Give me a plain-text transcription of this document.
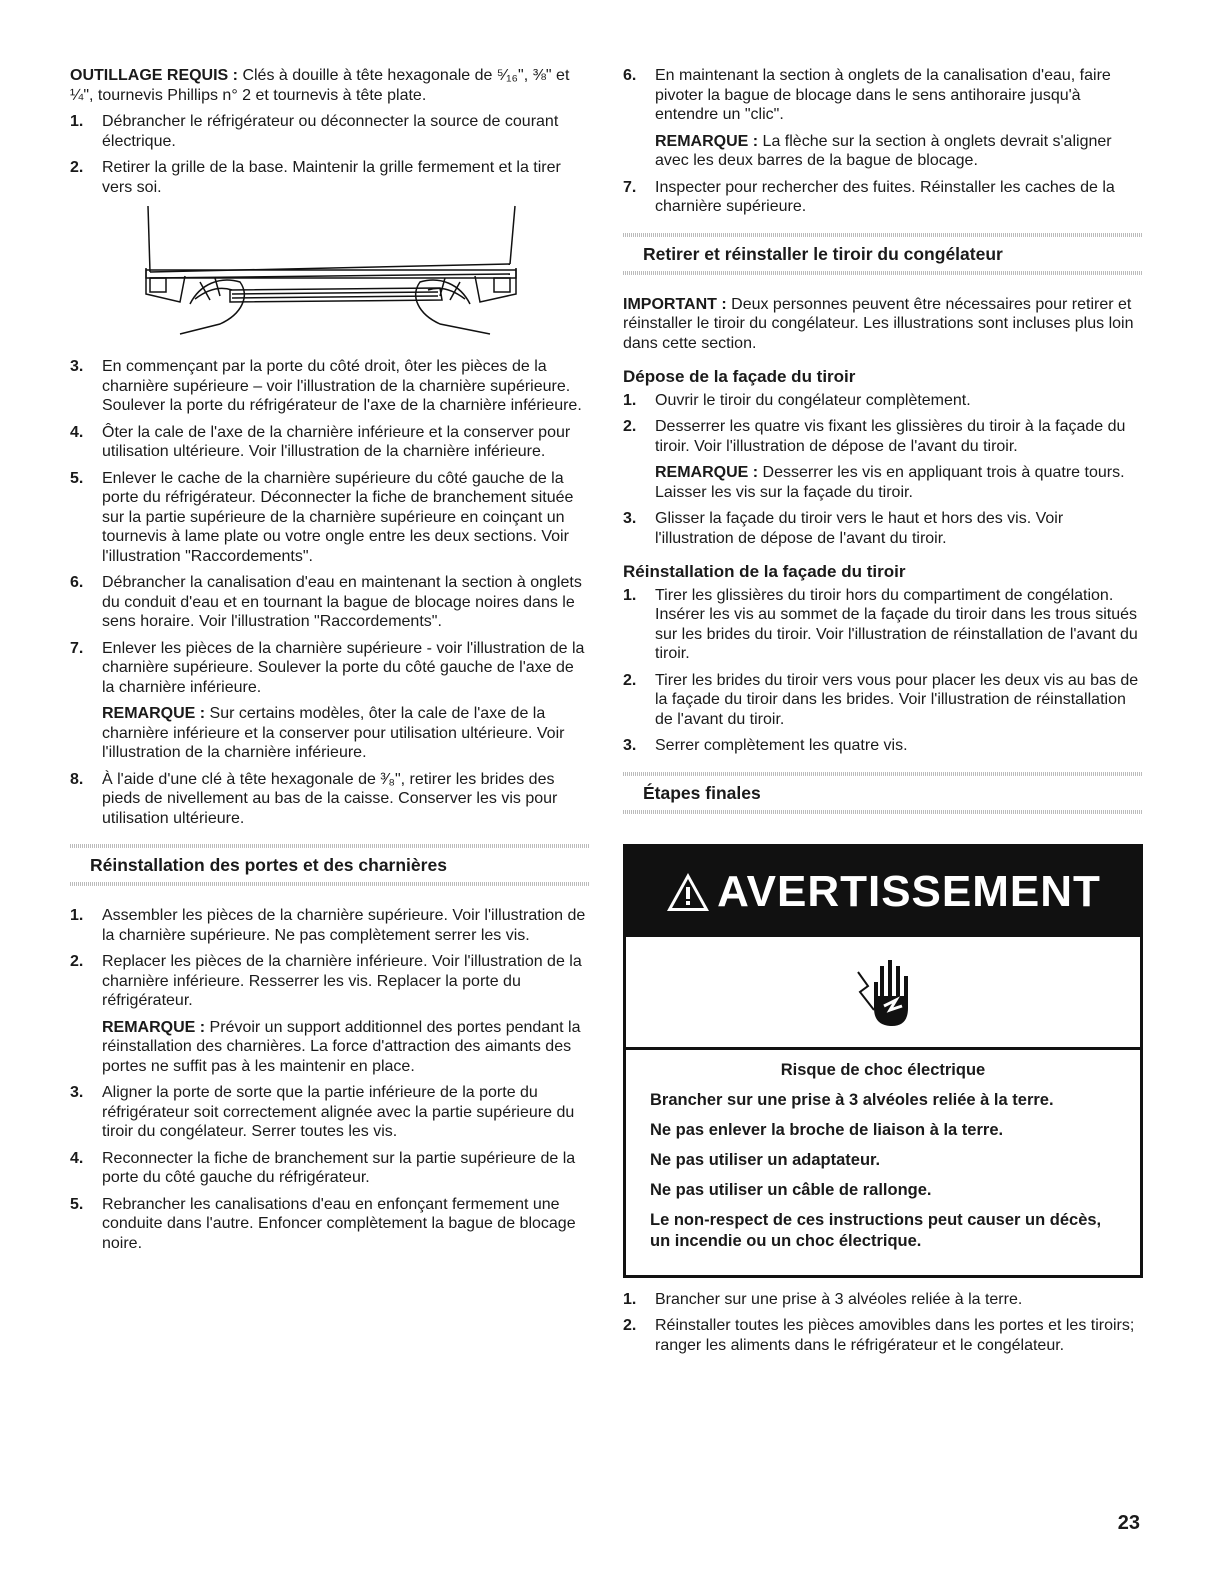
OUTILLAGE REQUIS : Clés à douille à tête hexagonale de ⁵⁄₁₆", ⅜" et ¼", tournevis Phillips n° 2 et tournevis à tête plate.

1.	Débrancher le réfrigérateur ou déconnecter la source de courant électrique.
2.	Retirer la grille de la base. Maintenir la grille fermement et la tirer vers soi.
3.	En commençant par la porte du côté droit, ôter les pièces de la charnière supérieure – voir l'illustration de la charnière supérieure. Soulever la porte du réfrigérateur de l'axe de la charnière inférieure.
4.	Ôter la cale de l'axe de la charnière inférieure et la conserver pour utilisation ultérieure. Voir l'illustration de la charnière inférieure.
5.	Enlever le cache de la charnière supérieure du côté gauche de la porte du réfrigérateur. Déconnecter la fiche de branchement située sur la partie supérieure de la charnière supérieure en coinçant un tournevis à lame plate ou votre ongle entre les deux sections. Voir l'illustration "Raccordements".
6.	Débrancher la canalisation d'eau en maintenant la section à onglets du conduit d'eau et en tournant la bague de blocage noires dans le sens horaire. Voir l'illustration "Raccordements".
7.	Enlever les pièces de la charnière supérieure - voir l'illustration de la charnière supérieure. Soulever la porte du côté gauche de l'axe de la charnière inférieure.

REMARQUE : Sur certains modèles, ôter la cale de l'axe de la charnière inférieure et la conserver pour utilisation ultérieure. Voir l'illustration de la charnière inférieure.

8.	À l'aide d'une clé à tête hexagonale de ³⁄₈", retirer les brides des pieds de nivellement au bas de la caisse. Conserver les vis pour utilisation ultérieure.
Réinstallation des portes et des charnières
1.	Assembler les pièces de la charnière supérieure. Voir l'illustration de la charnière supérieure. Ne pas complètement serrer les vis.
2.	Replacer les pièces de la charnière inférieure. Voir l'illustration de la charnière inférieure. Resserrer les vis. Replacer la porte du réfrigérateur.

REMARQUE : Prévoir un support additionnel des portes pendant la réinstallation des charnières. La force d'attraction des aimants des portes ne suffit pas à les maintenir en place.

3.	Aligner la porte de sorte que la partie inférieure de la porte du réfrigérateur soit correctement alignée avec la partie supérieure du tiroir du congélateur. Serrer toutes les vis.
4.	Reconnecter la fiche de branchement sur la partie supérieure de la porte du côté gauche du réfrigérateur.
5.	Rebrancher les canalisations d'eau en enfonçant fermement une conduite dans l'autre. Enfoncer complètement la bague de blocage noire.
6.	En maintenant la section à onglets de la canalisation d'eau, faire pivoter la bague de blocage dans le sens antihoraire jusqu'à entendre un "clic".

REMARQUE : La flèche sur la section à onglets devrait s'aligner avec les deux barres de la bague de blocage.

7.	Inspecter pour rechercher des fuites. Réinstaller les caches de la charnière supérieure.
Retirer et réinstaller le tiroir du congélateur

IMPORTANT : Deux personnes peuvent être nécessaires pour retirer et réinstaller le tiroir du congélateur. Les illustrations sont incluses plus loin dans cette section.

Dépose de la façade du tiroir
1.	Ouvrir le tiroir du congélateur complètement.
2.	Desserrer les quatre vis fixant les glissières du tiroir à la façade du tiroir. Voir l'illustration de dépose de l'avant du tiroir.

REMARQUE : Desserrer les vis en appliquant trois à quatre tours. Laisser les vis sur la façade du tiroir.

3.	Glisser la façade du tiroir vers le haut et hors des vis. Voir l'illustration de dépose de l'avant du tiroir.
Réinstallation de la façade du tiroir
1.	Tirer les glissières du tiroir hors du compartiment de congélation. Insérer les vis au sommet de la façade du tiroir dans les trous situés sur les brides du tiroir. Voir l'illustration de réinstallation de l'avant du tiroir.
2.	Tirer les brides du tiroir vers vous pour placer les deux vis au bas de la façade du tiroir dans les brides. Voir l'illustration de réinstallation de l'avant du tiroir.
3.	Serrer complètement les quatre vis.
Étapes finales
AVERTISSEMENT
Risque de choc électrique
Brancher sur une prise à 3 alvéoles reliée à la terre.
Ne pas enlever la broche de liaison à la terre.
Ne pas utiliser un adaptateur.
Ne pas utiliser un câble de rallonge.
Le non-respect de ces instructions peut causer un décès, un incendie ou un choc électrique.
1.	Brancher sur une prise à 3 alvéoles reliée à la terre.
2.	Réinstaller toutes les pièces amovibles dans les portes et les tiroirs; ranger les aliments dans le réfrigérateur et le congélateur.
23
